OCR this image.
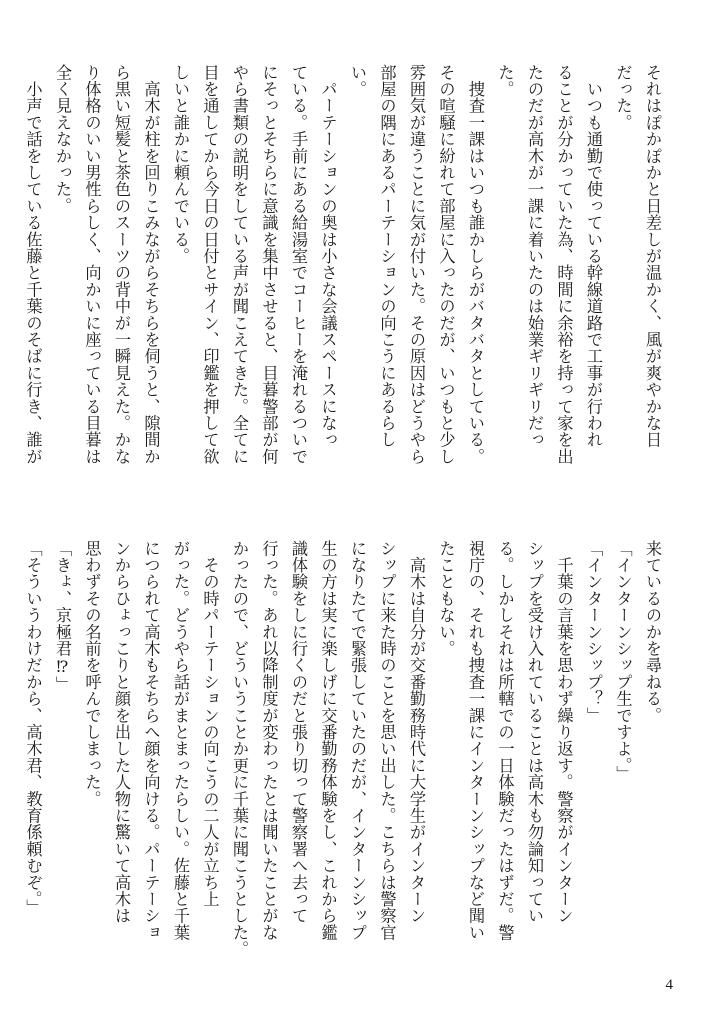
それはぽかぽかと日差しが温かく、風が爽やかな日

だった。

　いつも通勤で使っている幹線道路で工事が行われ

ることが分かっていた為、時間に余裕を持って家を出

たのだが高木が一課に着いたのは始業ギリギリだっ

た。

　捜査一課はいつも誰かしらがバタバタとしている。

その喧騒に紛れて部屋に入ったのだが、いつもと少し

雰囲気が違うことに気が付いた。その原因はどうやら

部屋の隅にあるパーテーションの向こうにあるらし

い。

　パーテーションの奥は小さな会議スペースになっ

ている。手前にある給湯室でコーヒーを淹れるついで

にそっとそちらに意識を集中させると、目暮警部が何

やら書類の説明をしている声が聞こえてきた。全てに

目を通してから今日の日付とサイン、印鑑を押して欲

しいと誰かに頼んでいる。

　高木が柱を回りこみながらそちらを伺うと、隙間か

ら黒い短髪と茶色のスーツの背中が一瞬見えた。かな

り体格のいい男性らしく、向かいに座っている目暮は

全く見えなかった。

　小声で話をしている佐藤と千葉のそばに行き、誰が

来ているのかを尋ねる。

「インターンシップ生ですよ。」

「インターンシップ？」

　千葉の言葉を思わず繰り返す。警察がインターン

シップを受け入れていることは高木も勿論知ってい

る。しかしそれは所轄での一日体験だったはずだ。警

視庁の、それも捜査一課にインターンシップなど聞い

たこともない。

　高木は自分が交番勤務時代に大学生がインターン

シップに来た時のことを思い出した。こちらは警察官

になりたてで緊張していたのだが、インターンシップ

生の方は実に楽しげに交番勤務体験をし、これから鑑

識体験をしに行くのだと張り切って警察署へ去って

行った。あれ以降制度が変わったとは聞いたことがな

かったので、どういうことか更に千葉に聞こうとした。

　その時パーテーションの向こうの二人が立ち上

がった。どうやら話がまとまったらしい。佐藤と千葉

につられて高木もそちらへ顔を向ける。パーテーショ

ンからひょっこりと顔を出した人物に驚いて高木は

思わずその名前を呼んでしまった。

「きょ、京極君⁉」

「そういうわけだから、高木君、教育係頼むぞ。」

4
